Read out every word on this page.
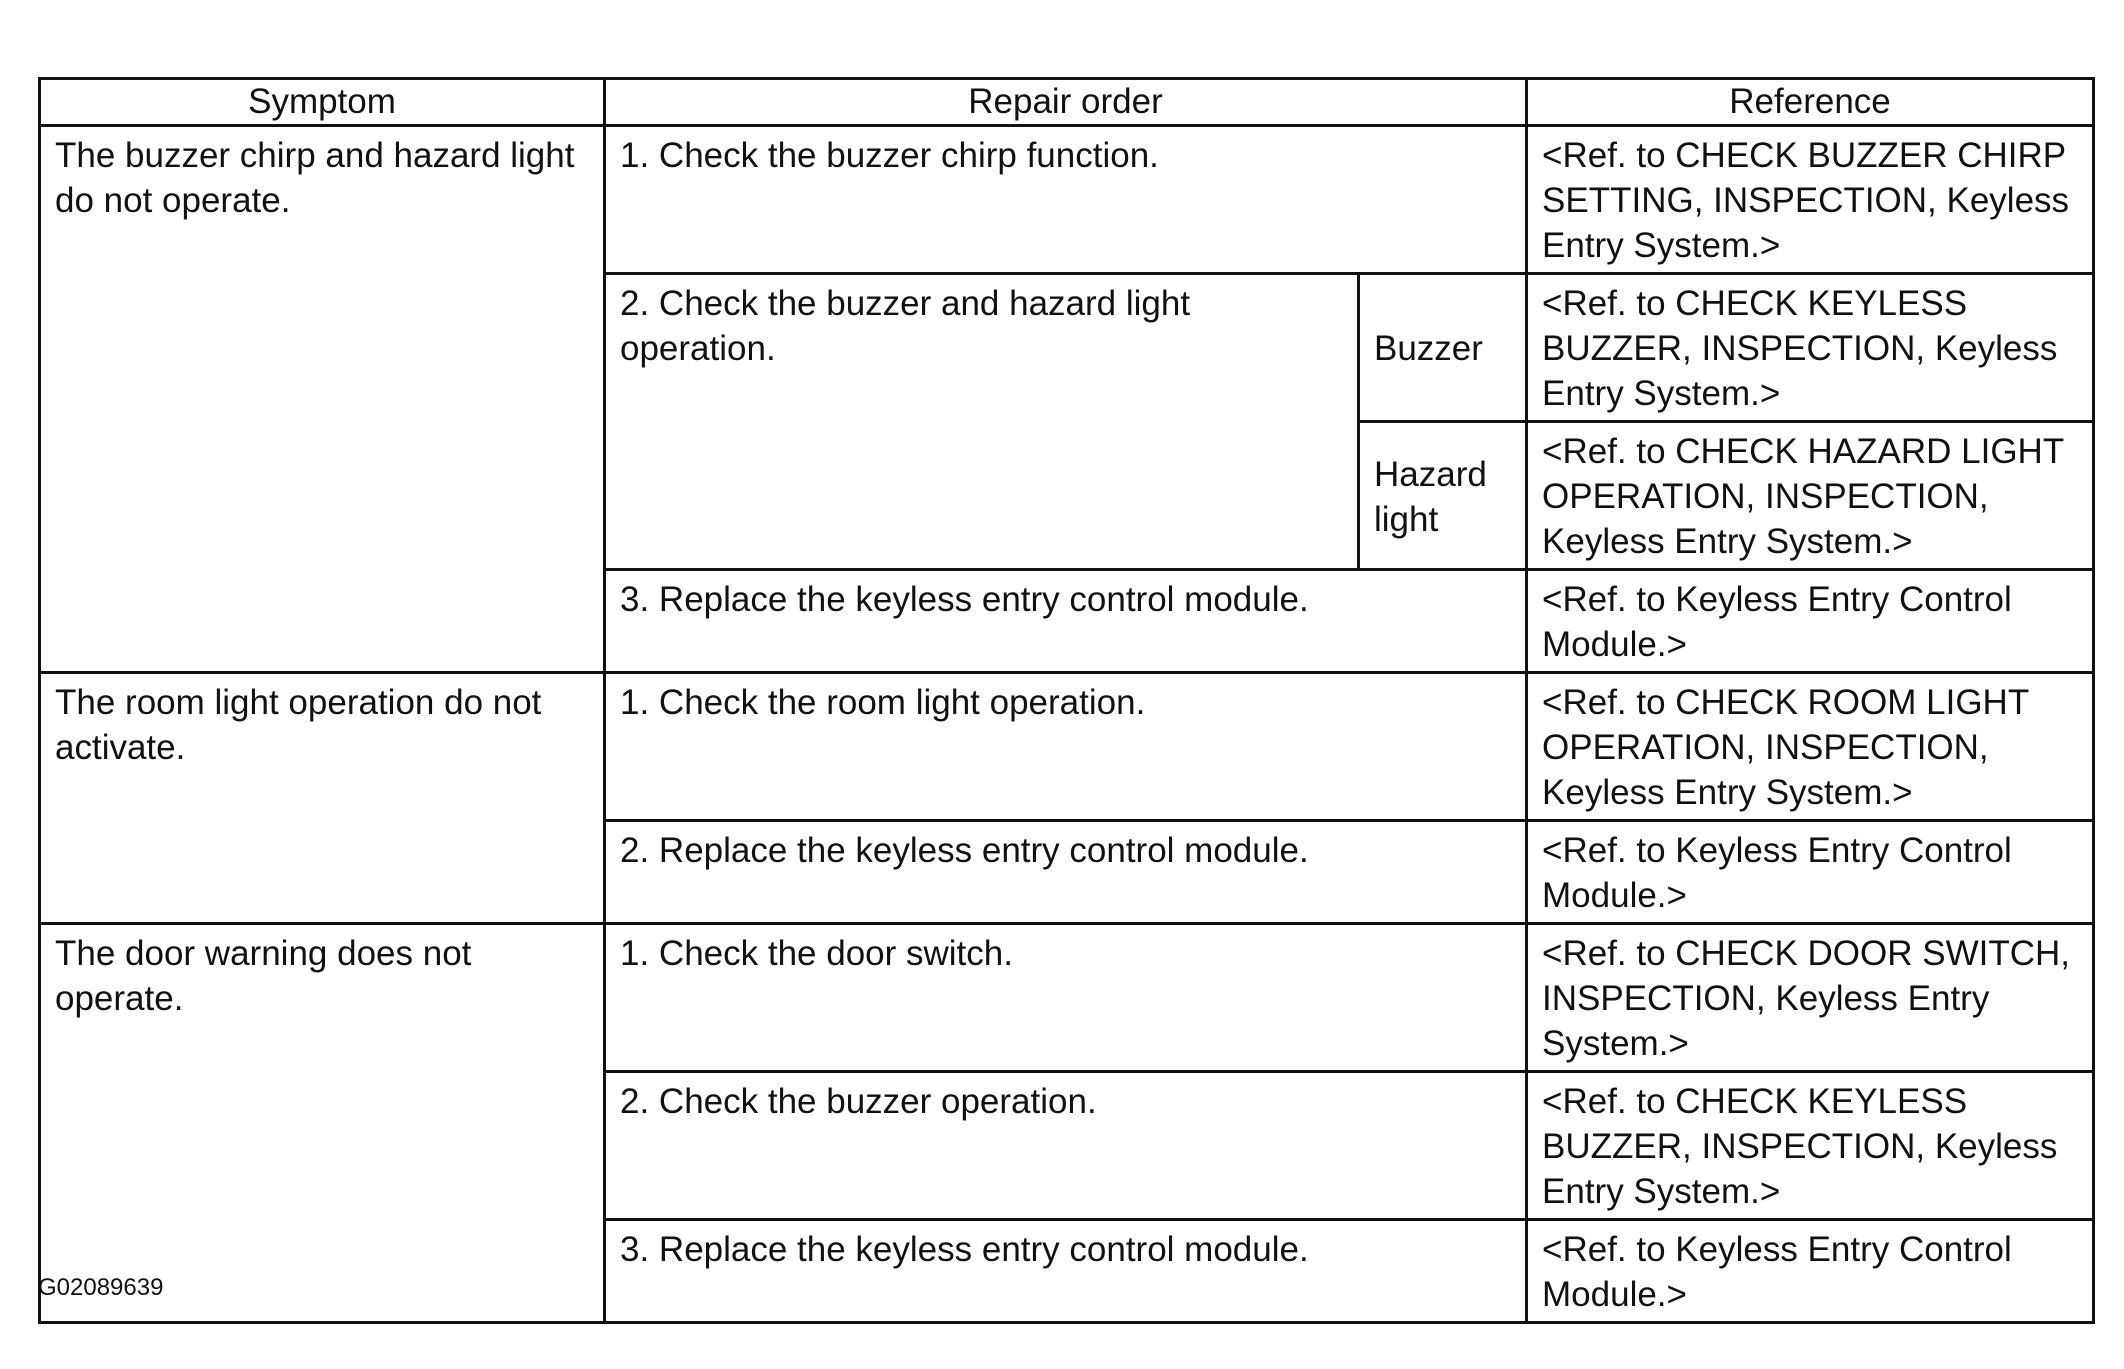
Symptom	Repair order		Reference
The buzzer chirp and hazard light do not operate.	1. Check the buzzer chirp function.		<Ref. to CHECK BUZZER CHIRP SETTING, INSPECTION, Keyless Entry System.>
	2. Check the buzzer and hazard light operation.	Buzzer	<Ref. to CHECK KEYLESS BUZZER, INSPECTION, Keyless Entry System.>
		Hazard light	<Ref. to CHECK HAZARD LIGHT OPERATION, INSPECTION, Keyless Entry System.>
	3. Replace the keyless entry control module.		<Ref. to Keyless Entry Control Module.>
The room light operation do not activate.	1. Check the room light operation.		<Ref. to CHECK ROOM LIGHT OPERATION, INSPECTION, Keyless Entry System.>
	2. Replace the keyless entry control module.		<Ref. to Keyless Entry Control Module.>
The door warning does not operate.	1. Check the door switch.		<Ref. to CHECK DOOR SWITCH, INSPECTION, Keyless Entry System.>
	2. Check the buzzer operation.		<Ref. to CHECK KEYLESS BUZZER, INSPECTION, Keyless Entry System.>
	3. Replace the keyless entry control module.		<Ref. to Keyless Entry Control Module.>
G02089639
